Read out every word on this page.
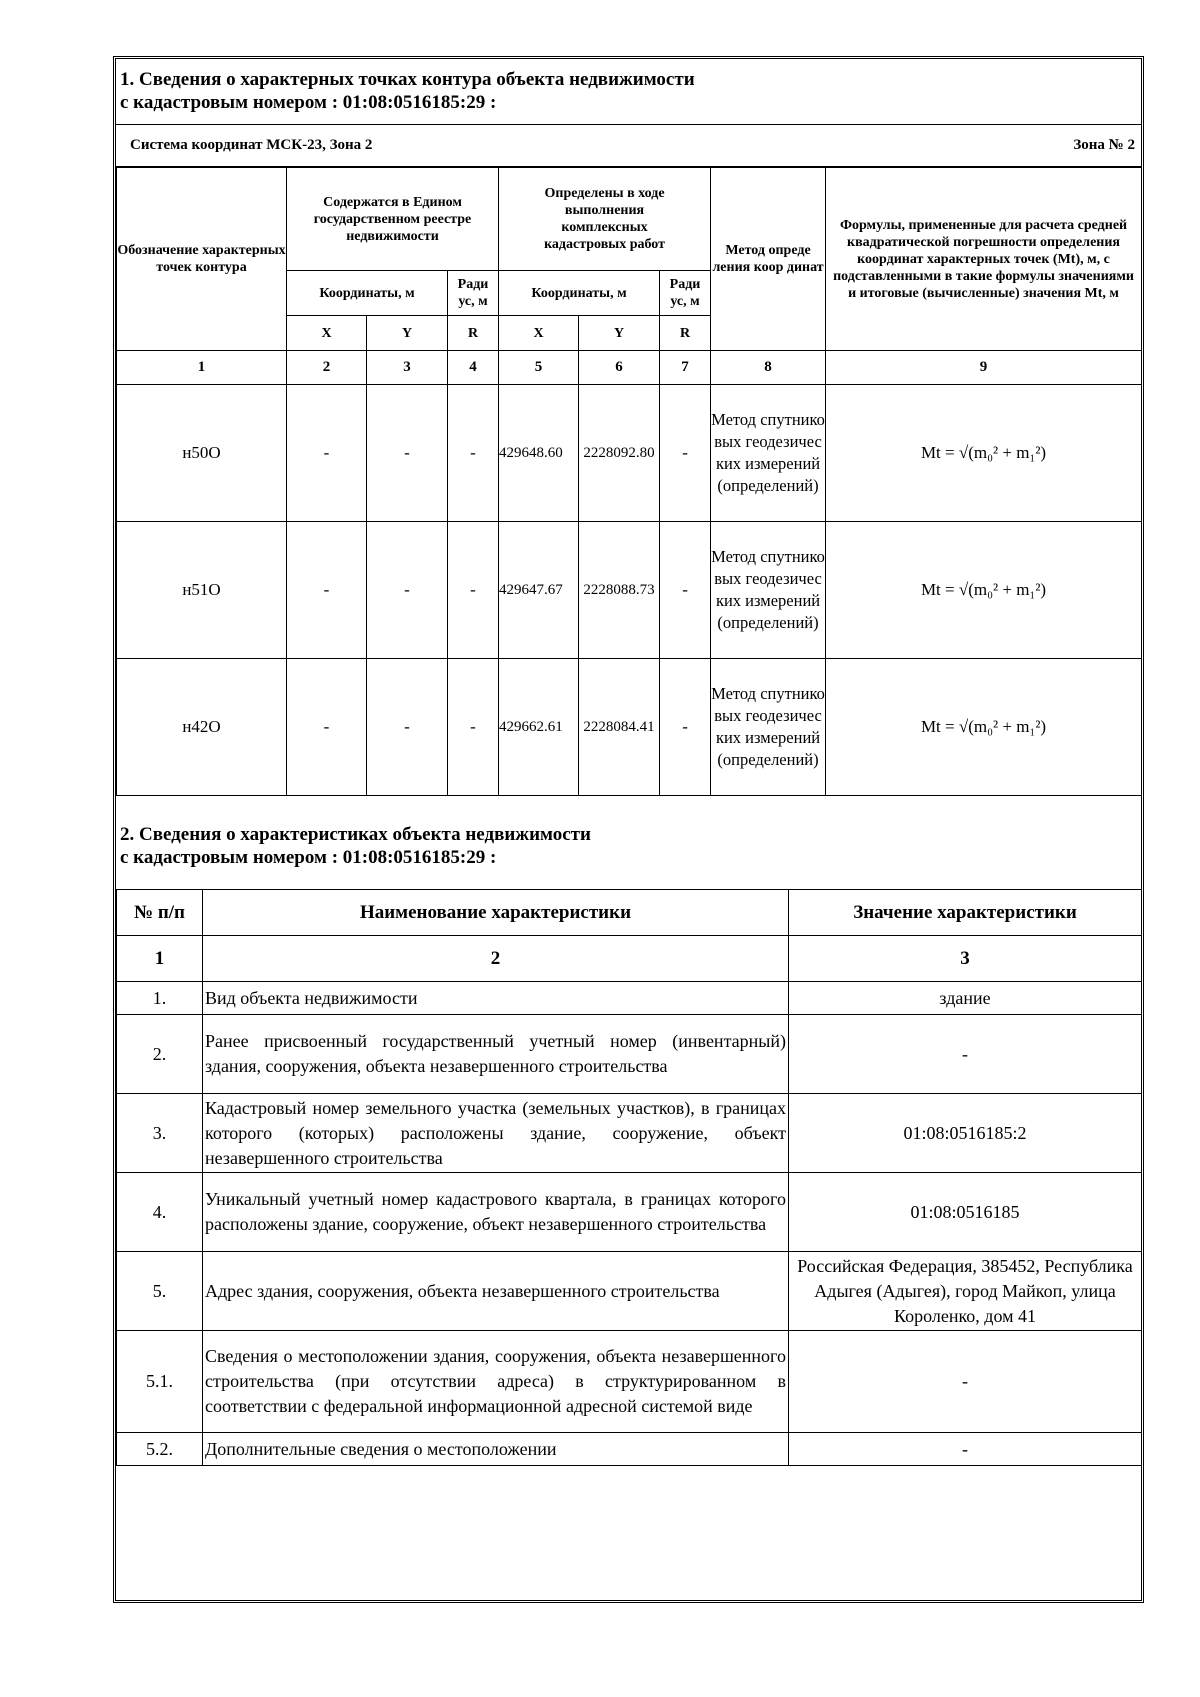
1. Сведения о характерных точках контура объекта недвижимости
с кадастровым номером : 01:08:0516185:29 :
Система координат МСК-23, Зона 2	Зона № 2
Обозначение характерных точек контура	Содержатся в Едином государственном реестре недвижимости			Определены в ходе выполнения комплексных кадастровых работ			Метод опреде ления коор динат	Формулы, примененные для расчета средней квадратической погрешности определения координат характерных точек (Mt), м, с подставленными в такие формулы значениями и итоговые (вычисленные) значения Mt, м
	Координаты, м		Ради ус, м	Координаты, м		Ради ус, м		
	X	Y	R	X	Y	R		
1	2	3	4	5	6	7	8	9
н50О	-	-	-	429648.60	2228092.80	-	Метод спутниковых геодезических измерений (определений)	Mt = √(m₀² + m₁²)
н51О	-	-	-	429647.67	2228088.73	-	Метод спутниковых геодезических измерений (определений)	Mt = √(m₀² + m₁²)
н42О	-	-	-	429662.61	2228084.41	-	Метод спутниковых геодезических измерений (определений)	Mt = √(m₀² + m₁²)
2. Сведения о характеристиках объекта недвижимости
с кадастровым номером : 01:08:0516185:29 :
№ п/п	Наименование характеристики	Значение характеристики
1	2	3
1.	Вид объекта недвижимости	здание
2.	Ранее присвоенный государственный учетный номер (инвентарный) здания, сооружения, объекта незавершенного строительства	-
3.	Кадастровый номер земельного участка (земельных участков), в границах которого (которых) расположены здание, сооружение, объект незавершенного строительства	01:08:0516185:2
4.	Уникальный учетный номер кадастрового квартала, в границах которого расположены здание, сооружение, объект незавершенного строительства	01:08:0516185
5.	Адрес здания, сооружения, объекта незавершенного строительства	Российская Федерация, 385452, Республика Адыгея (Адыгея), город Майкоп, улица Короленко, дом 41
5.1.	Сведения о местоположении здания, сооружения, объекта незавершенного строительства (при отсутствии адреса) в структурированном в соответствии с федеральной информационной адресной системой виде	-
5.2.	Дополнительные сведения о местоположении	-
